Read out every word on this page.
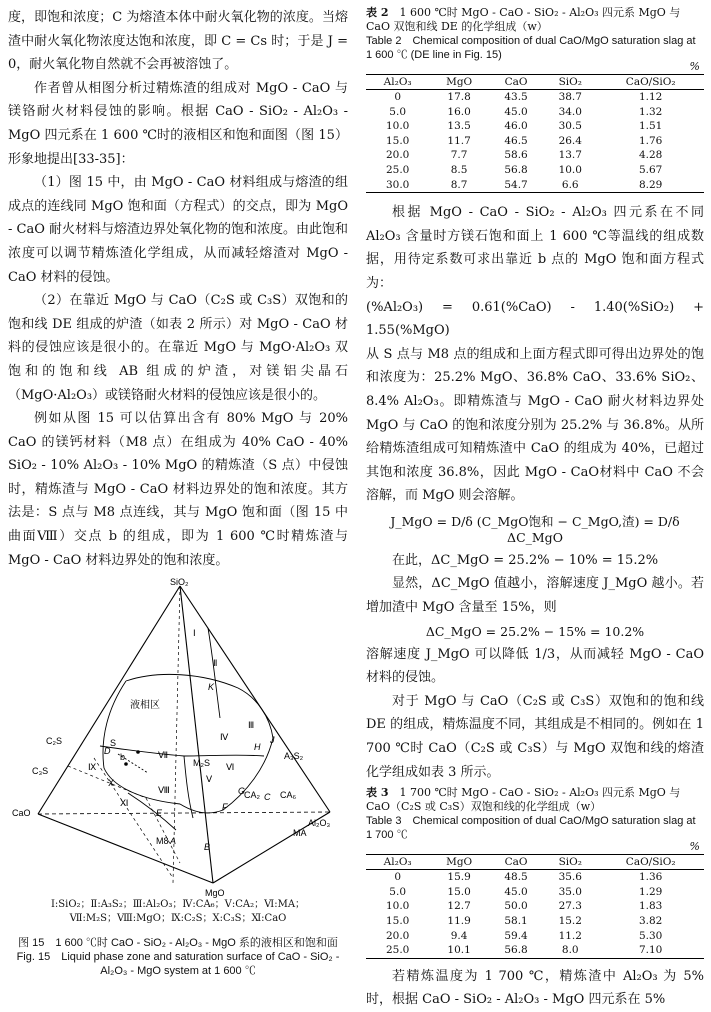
度，即饱和浓度；C 为熔渣本体中耐火氧化物的浓度。当熔渣中耐火氧化物浓度达饱和浓度，即 C = Cs 时；于是 J = 0，耐火氧化物自然就不会再被溶蚀了。

作者曾从相图分析过精炼渣的组成对 MgO - CaO 与镁铬耐火材料侵蚀的影响。根据 CaO - SiO₂ - Al₂O₃ - MgO 四元系在 1 600 ℃时的液相区和饱和面图（图 15）形象地提出[33-35]：

（1）图 15 中，由 MgO - CaO 材料组成与熔渣的组成点的连线同 MgO 饱和面（方程式）的交点，即为 MgO - CaO 耐火材料与熔渣边界处氧化物的饱和浓度。由此饱和浓度可以调节精炼渣化学组成，从而减轻熔渣对 MgO - CaO 材料的侵蚀。

（2）在靠近 MgO 与 CaO（C₂S 或 C₃S）双饱和的饱和线 DE 组成的炉渣（如表 2 所示）对 MgO - CaO 材料的侵蚀应该是很小的。在靠近 MgO 与 MgO·Al₂O₃ 双饱和的饱和线 AB 组成的炉渣，对镁铝尖晶石（MgO·Al₂O₃）或镁铬耐火材料的侵蚀应该是很小的。

例如从图 15 可以估算出含有 80% MgO 与 20% CaO 的镁钙材料（M8 点）在组成为 40% CaO - 40% SiO₂ - 10% Al₂O₃ - 10% MgO 的精炼渣（S 点）中侵蚀时，精炼渣与 MgO - CaO 材料边界处的饱和浓度。其方法是：S 点与 M8 点连线，其与 MgO 饱和面（图 15 中曲面Ⅷ）交点 b 的组成，即为 1 600 ℃时精炼渣与 MgO - CaO 材料边界处的饱和浓度。

SiO₂
CaO
Al₂O₃
MgO
C₂S
C₃S
A₃S₂
CA₂ CA₆
MA
M8
M₂S
S
b
A
B
C
D
E
F
G
H
J
K
Ⅰ
Ⅱ
Ⅲ
Ⅳ
Ⅴ
Ⅵ
Ⅶ
Ⅷ
Ⅸ
Ⅹ
Ⅺ
液相区
Ⅰ:SiO₂；Ⅱ:A₃S₂；Ⅲ:Al₂O₃；Ⅳ:CA₆；Ⅴ:CA₂；Ⅵ:MA；
Ⅶ:M₂S；Ⅷ:MgO；Ⅸ:C₂S；Ⅹ:C₃S；Ⅺ:CaO
图 15　1 600 ℃时 CaO - SiO₂ - Al₂O₃ - MgO 系的液相区和饱和面
Fig. 15　Liquid phase zone and saturation surface of CaO - SiO₂ - Al₂O₃ - MgO system at 1 600 ℃
表 2　 1 600 ℃时 MgO - CaO - SiO₂ - Al₂O₃ 四元系 MgO 与 CaO 双饱和线 DE 的化学组成（w）
Table 2　Chemical composition of dual CaO/MgO saturation slag at 1 600 ℃ (DE line in Fig. 15)
%
Al₂O₃	MgO	CaO	SiO₂	CaO/SiO₂
0	17.8	43.5	38.7	1.12
5.0	16.0	45.0	34.0	1.32
10.0	13.5	46.0	30.5	1.51
15.0	11.7	46.5	26.4	1.76
20.0	7.7	58.6	13.7	4.28
25.0	8.5	56.8	10.0	5.67
30.0	8.7	54.7	6.6	8.29

根据 MgO - CaO - SiO₂ - Al₂O₃ 四元系在不同 Al₂O₃ 含量时方镁石饱和面上 1 600 ℃等温线的组成数据，用待定系数可求出靠近 b 点的 MgO 饱和面方程式为：

(%Al₂O₃) = 0.61(%CaO) - 1.40(%SiO₂) + 1.55(%MgO)

从 S 点与 M8 点的组成和上面方程式即可得出边界处的饱和浓度为：25.2% MgO、36.8% CaO、33.6% SiO₂、8.4% Al₂O₃。即精炼渣与 MgO - CaO 耐火材料边界处 MgO 与 CaO 的饱和浓度分别为 25.2% 与 36.8%。从所给精炼渣组成可知精炼渣中 CaO 的组成为 40%，已超过其饱和浓度 36.8%，因此 MgO - CaO材料中 CaO 不会溶解，而 MgO 则会溶解。

J_MgO = D/δ (C_MgO饱和 − C_MgO,渣) = D/δ ΔC_MgO

在此，ΔC_MgO = 25.2% − 10% = 15.2%

显然，ΔC_MgO 值越小，溶解速度 J_MgO 越小。若增加渣中 MgO 含量至 15%，则

ΔC_MgO = 25.2% − 15% = 10.2%

溶解速度 J_MgO 可以降低 1/3，从而减轻 MgO - CaO 材料的侵蚀。

对于 MgO 与 CaO（C₂S 或 C₃S）双饱和的饱和线 DE 的组成，精炼温度不同，其组成是不相同的。例如在 1 700 ℃时 CaO（C₂S 或 C₃S）与 MgO 双饱和线的熔渣化学组成如表 3 所示。

表 3　 1 700 ℃时 MgO - CaO - SiO₂ - Al₂O₃ 四元系 MgO 与 CaO（C₂S 或 C₃S）双饱和线的化学组成（w）
Table 3　Chemical composition of dual CaO/MgO saturation slag at 1 700 ℃
%
Al₂O₃	MgO	CaO	SiO₂	CaO/SiO₂
0	15.9	48.5	35.6	1.36
5.0	15.0	45.0	35.0	1.29
10.0	12.7	50.0	27.3	1.83
15.0	11.9	58.1	15.2	3.82
20.0	9.4	59.4	11.2	5.30
25.0	10.1	56.8	8.0	7.10

若精炼温度为 1 700 ℃，精炼渣中 Al₂O₃ 为 5% 时，根据 CaO - SiO₂ - Al₂O₃ - MgO 四元系在 5%
